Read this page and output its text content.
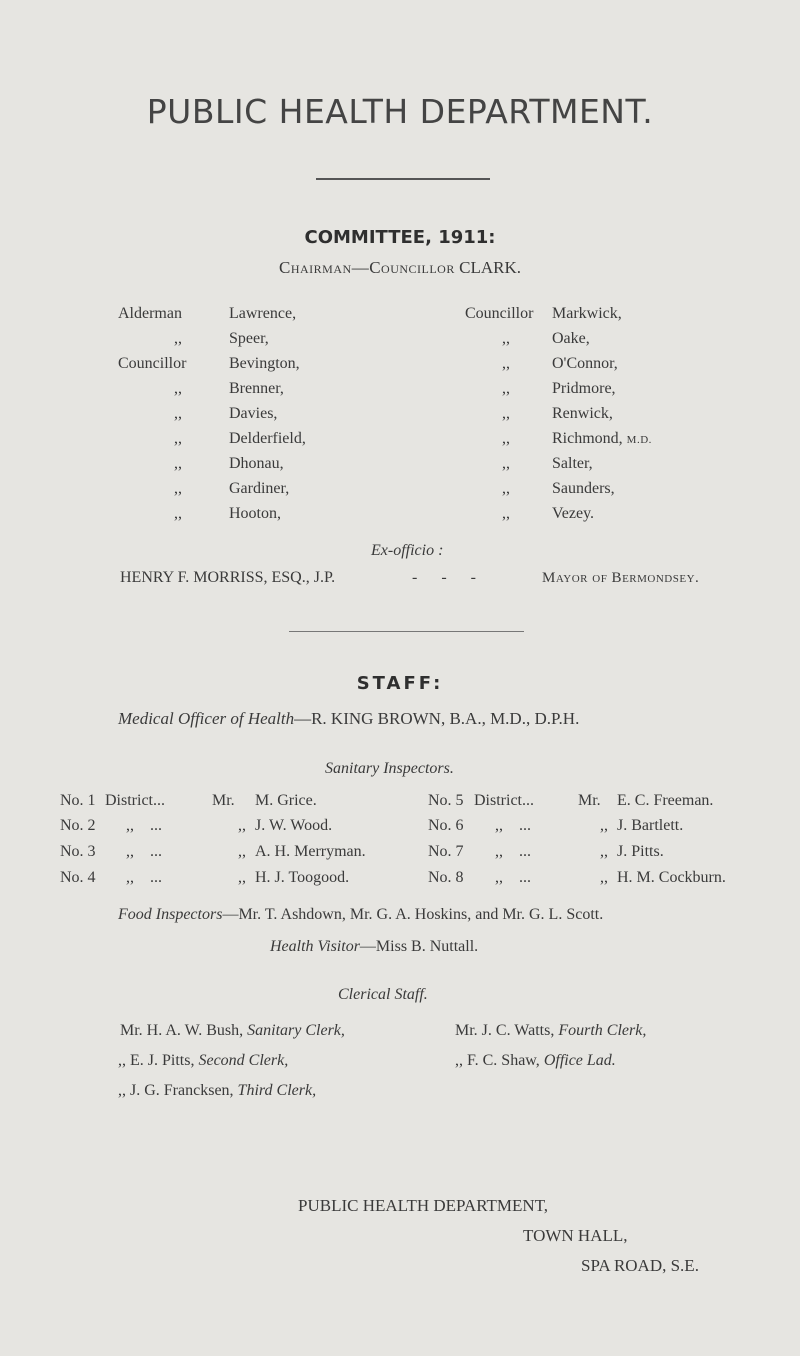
PUBLIC HEALTH DEPARTMENT.
COMMITTEE, 1911:
Chairman—Councillor CLARK.
Alderman	Lawrence,
,,	Speer,
Councillor	Bevington,
,,	Brenner,
,,	Davies,
,,	Delderfield,
,,	Dhonau,
,,	Gardiner,
,,	Hooton,
Councillor Markwick,
,,	Oake,
,,	O'Connor,
,,	Pridmore,
,,	Renwick,
,,	Richmond, M.D.
,,	Salter,
,,	Saunders,
,,	Vezey.
Ex-officio :
HENRY F. MORRISS, ESQ., J.P.	-      -      -	Mayor of Bermondsey.
STAFF:
Medical Officer of Health—R. KING BROWN, B.A., M.D., D.P.H.
Sanitary Inspectors.
No. 1 District...	Mr. M. Grice.
No. 2 ,,    ...	,, J. W. Wood.
No. 3 ,,    ...	,, A. H. Merryman.
No. 4 ,,    ...	,, H. J. Toogood.
No. 5 District...	Mr. E. C. Freeman.
No. 6 ,,    ...	,, J. Bartlett.
No. 7 ,,    ...	,, J. Pitts.
No. 8 ,,    ...	,, H. M. Cockburn.
Food Inspectors—Mr. T. Ashdown, Mr. G. A. Hoskins, and Mr. G. L. Scott.
Health Visitor—Miss B. Nuttall.
Clerical Staff.
Mr. H. A. W. Bush, Sanitary Clerk,
,, E. J. Pitts, Second Clerk,
,, J. G. Francksen, Third Clerk,
Mr. J. C. Watts, Fourth Clerk,
,, F. C. Shaw, Office Lad.
PUBLIC HEALTH DEPARTMENT,
TOWN HALL,
SPA ROAD, S.E.
